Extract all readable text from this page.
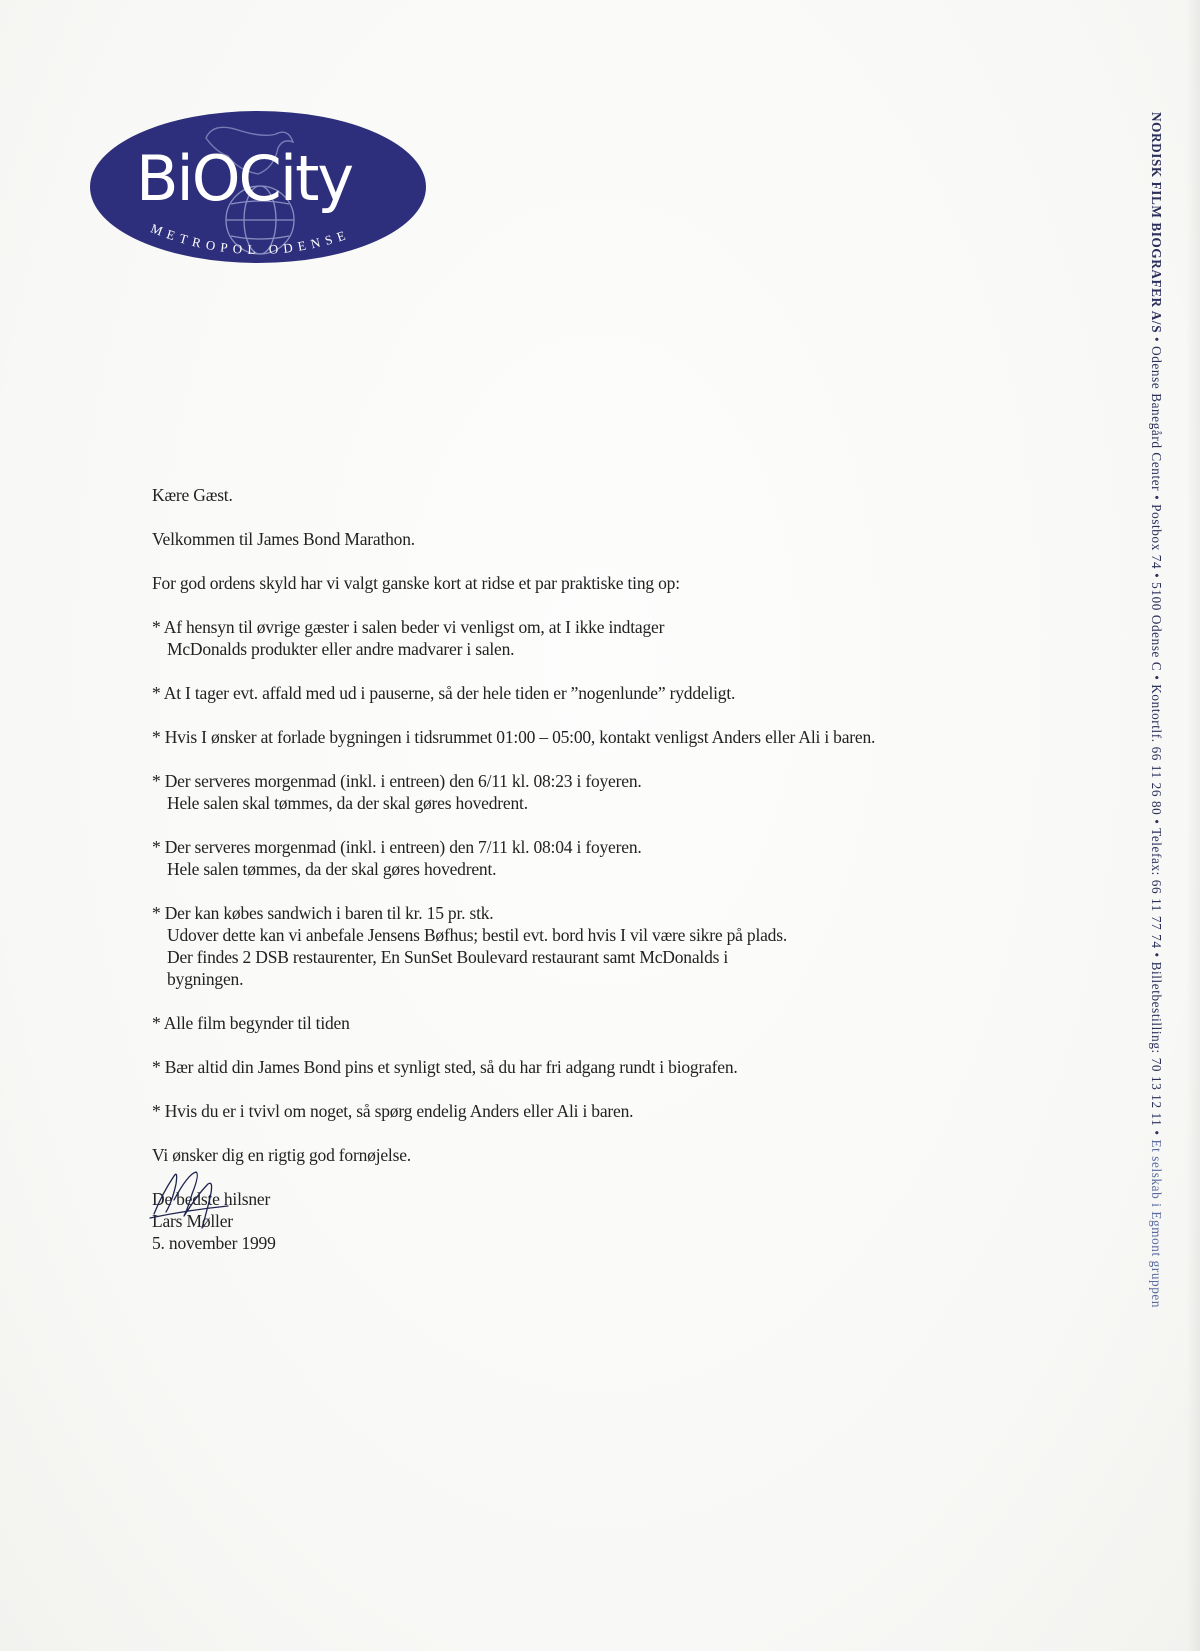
BiOCity
METROPOL ODENSE	NORDISK FILM BIOGRAFER A/S • Odense Banegård Center • Postbox 74 • 5100 Odense C • Kontortlf. 66 11 26 80 • Telefax: 66 11 77 74 • Billetbestilling: 70 13 12 11 • Et selskab i Egmont gruppen

Kære Gæst.

Velkommen til James Bond Marathon.

For god ordens skyld har vi valgt ganske kort at ridse et par praktiske ting op:

* Af hensyn til øvrige gæster i salen beder vi venligst om, at I ikke indtager
McDonalds produkter eller andre madvarer i salen.
* At I tager evt. affald med ud i pauserne, så der hele tiden er ”nogenlunde” ryddeligt.
* Hvis I ønsker at forlade bygningen i tidsrummet 01:00 – 05:00, kontakt venligst Anders eller Ali i baren.
* Der serveres morgenmad (inkl. i entreen) den 6/11 kl. 08:23 i foyeren.
Hele salen skal tømmes, da der skal gøres hovedrent.
* Der serveres morgenmad (inkl. i entreen) den 7/11 kl. 08:04 i foyeren.
Hele salen tømmes, da der skal gøres hovedrent.
* Der kan købes sandwich i baren til kr. 15 pr. stk.
Udover dette kan vi anbefale Jensens Bøfhus; bestil evt. bord hvis I vil være sikre på plads.
Der findes 2 DSB restaurenter, En SunSet Boulevard restaurant samt McDonalds i
bygningen.
* Alle film begynder til tiden
* Bær altid din James Bond pins et synligt sted, så du har fri adgang rundt i biografen.
* Hvis du er i tvivl om noget, så spørg endelig Anders eller Ali i baren.

Vi ønsker dig en rigtig god fornøjelse.

De bedste hilsner
Lars Møller
5. november 1999
